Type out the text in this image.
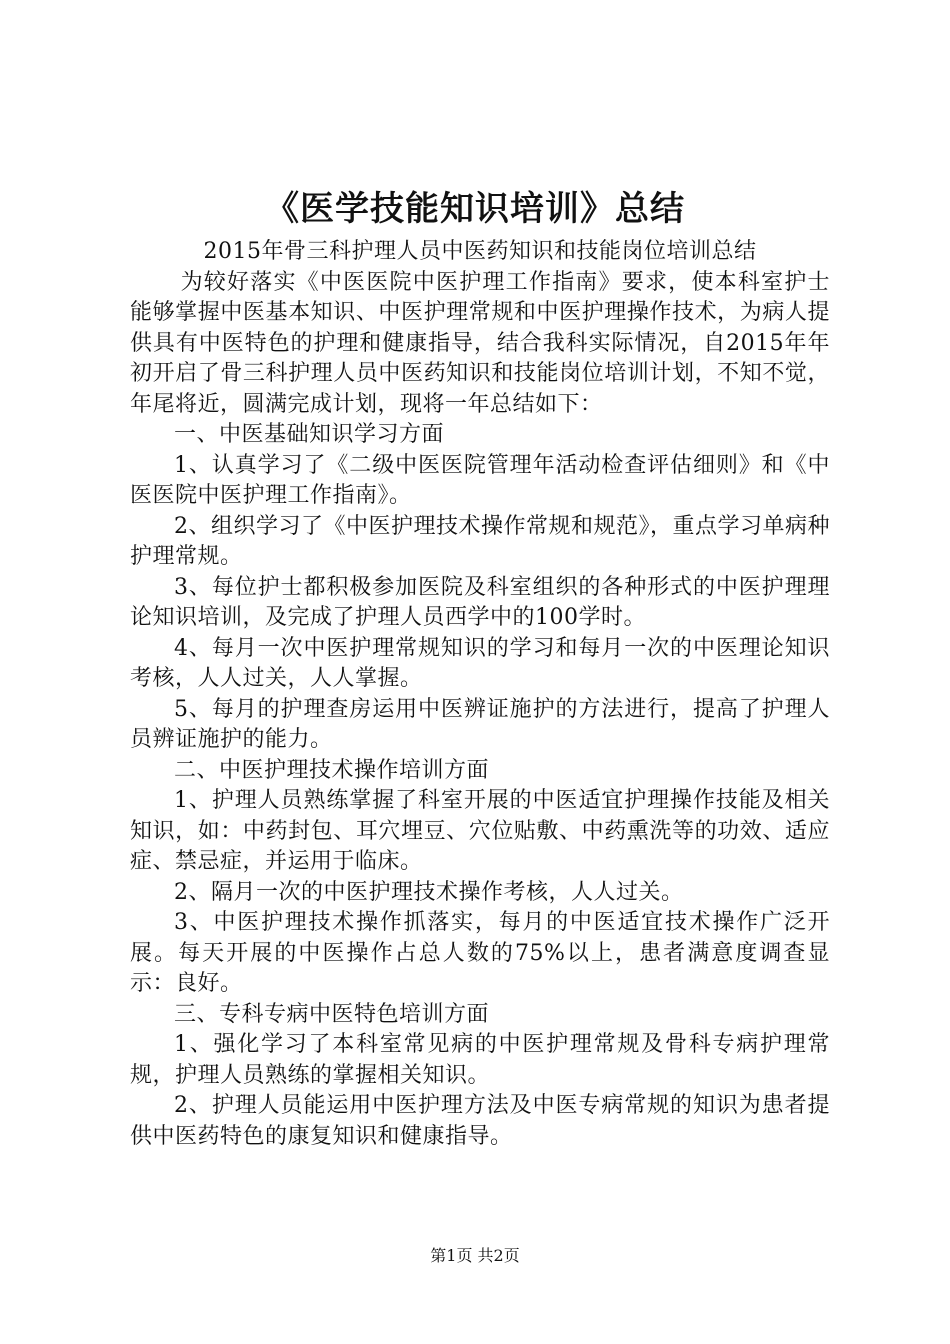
《医学技能知识培训》总结

2015年骨三科护理人员中医药知识和技能岗位培训总结

为较好落实《中医医院中医护理工作指南》要求，使本科室护士能够掌握中医基本知识、中医护理常规和中医护理操作技术，为病人提供具有中医特色的护理和健康指导，结合我科实际情况，自2015年年初开启了骨三科护理人员中医药知识和技能岗位培训计划，不知不觉，年尾将近，圆满完成计划，现将一年总结如下：

一、中医基础知识学习方面

1、认真学习了《二级中医医院管理年活动检查评估细则》和《中医医院中医护理工作指南》。

2、组织学习了《中医护理技术操作常规和规范》，重点学习单病种护理常规。

3、每位护士都积极参加医院及科室组织的各种形式的中医护理理论知识培训，及完成了护理人员西学中的100学时。

4、每月一次中医护理常规知识的学习和每月一次的中医理论知识考核，人人过关，人人掌握。

5、每月的护理查房运用中医辨证施护的方法进行，提高了护理人员辨证施护的能力。

二、中医护理技术操作培训方面

1、护理人员熟练掌握了科室开展的中医适宜护理操作技能及相关知识，如：中药封包、耳穴埋豆、穴位贴敷、中药熏洗等的功效、适应症、禁忌症，并运用于临床。

2、隔月一次的中医护理技术操作考核，人人过关。

3、中医护理技术操作抓落实，每月的中医适宜技术操作广泛开展。每天开展的中医操作占总人数的75%以上，患者满意度调查显示：良好。

三、专科专病中医特色培训方面

1、强化学习了本科室常见病的中医护理常规及骨科专病护理常规，护理人员熟练的掌握相关知识。

2、护理人员能运用中医护理方法及中医专病常规的知识为患者提供中医药特色的康复知识和健康指导。

第1页 共2页
